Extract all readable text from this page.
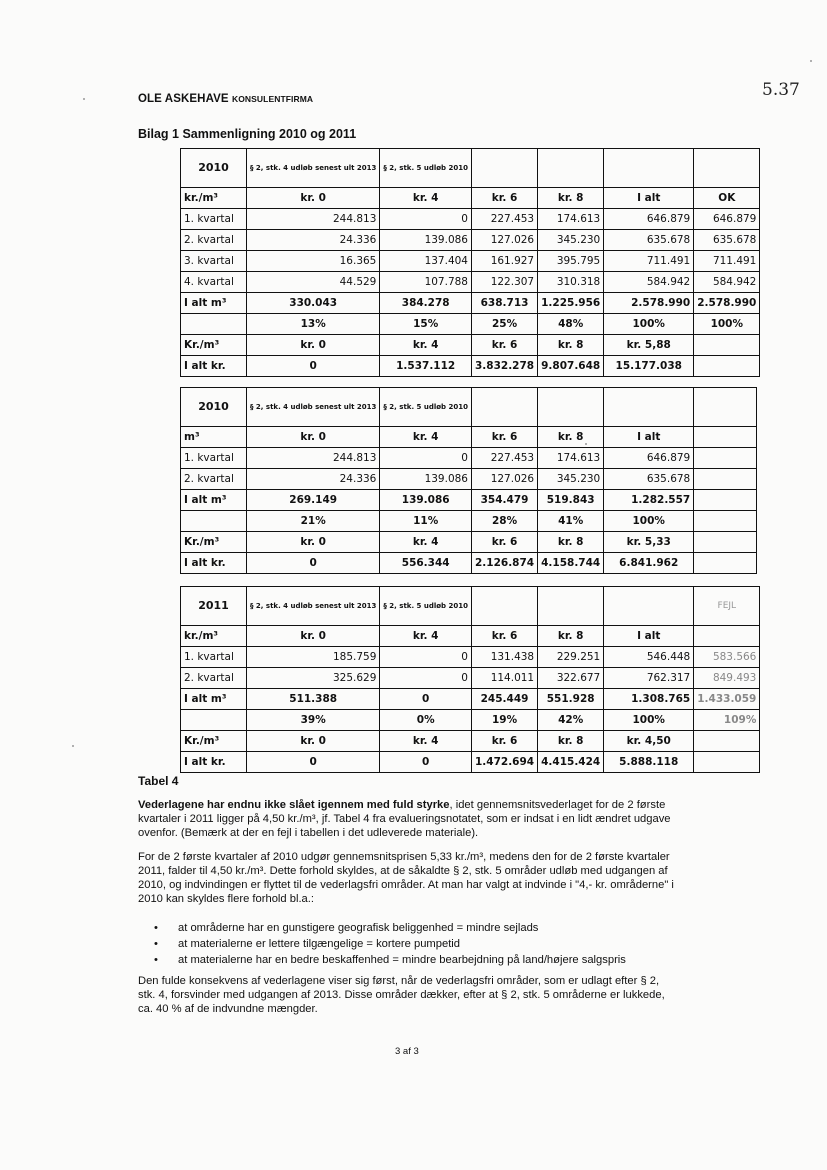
OLE ASKEHAVE KONSULENTFIRMA	5.37
Bilag 1 Sammenligning 2010 og 2011
2010	§ 2, stk. 4 udløb senest ult 2013	§ 2, stk. 5 udløb 2010				
kr./m³	kr. 0	kr. 4	kr. 6	kr. 8	I alt	OK
1. kvartal	244.813	0	227.453	174.613	646.879	646.879
2. kvartal	24.336	139.086	127.026	345.230	635.678	635.678
3. kvartal	16.365	137.404	161.927	395.795	711.491	711.491
4. kvartal	44.529	107.788	122.307	310.318	584.942	584.942
I alt m³	330.043	384.278	638.713	1.225.956	2.578.990	2.578.990
	13%	15%	25%	48%	100%	100%
Kr./m³	kr. 0	kr. 4	kr. 6	kr. 8	kr. 5,88	
I alt kr.	0	1.537.112	3.832.278	9.807.648	15.177.038	
2010	§ 2, stk. 4 udløb senest ult 2013	§ 2, stk. 5 udløb 2010				
m³	kr. 0	kr. 4	kr. 6	kr. 8	I alt	
1. kvartal	244.813	0	227.453	174.613	646.879	
2. kvartal	24.336	139.086	127.026	345.230	635.678	
I alt m³	269.149	139.086	354.479	519.843	1.282.557	
	21%	11%	28%	41%	100%	
Kr./m³	kr. 0	kr. 4	kr. 6	kr. 8	kr. 5,33	
I alt kr.	0	556.344	2.126.874	4.158.744	6.841.962	
2011	§ 2, stk. 4 udløb senest ult 2013	§ 2, stk. 5 udløb 2010				FEJL
kr./m³	kr. 0	kr. 4	kr. 6	kr. 8	I alt	
1. kvartal	185.759	0	131.438	229.251	546.448	583.566
2. kvartal	325.629	0	114.011	322.677	762.317	849.493
I alt m³	511.388	0	245.449	551.928	1.308.765	1.433.059
	39%	0%	19%	42%	100%	109%
Kr./m³	kr. 0	kr. 4	kr. 6	kr. 8	kr. 4,50	
I alt kr.	0	0	1.472.694	4.415.424	5.888.118	
Tabel 4
Vederlagene har endnu ikke slået igennem med fuld styrke, idet gennemsnitsvederlaget for de 2 første kvartaler i 2011 ligger på 4,50 kr./m³, jf. Tabel 4 fra evalueringsnotatet, som er indsat i en lidt ændret udgave ovenfor. (Bemærk at der en fejl i tabellen i det udleverede materiale).
For de 2 første kvartaler af 2010 udgør gennemsnitsprisen 5,33 kr./m³, medens den for de 2 første kvartaler 2011, falder til 4,50 kr./m³. Dette forhold skyldes, at de såkaldte § 2, stk. 5 områder udløb med udgangen af 2010, og indvindingen er flyttet til de vederlagsfri områder. At man har valgt at indvinde i "4,- kr. områderne" i 2010 kan skyldes flere forhold bl.a.:
• at områderne har en gunstigere geografisk beliggenhed = mindre sejlads
• at materialerne er lettere tilgængelige = kortere pumpetid
• at materialerne har en bedre beskaffenhed = mindre bearbejdning på land/højere salgspris
Den fulde konsekvens af vederlagene viser sig først, når de vederlagsfri områder, som er udlagt efter § 2, stk. 4, forsvinder med udgangen af 2013. Disse områder dækker, efter at § 2, stk. 5 områderne er lukkede, ca. 40 % af de indvundne mængder.
3 af 3
